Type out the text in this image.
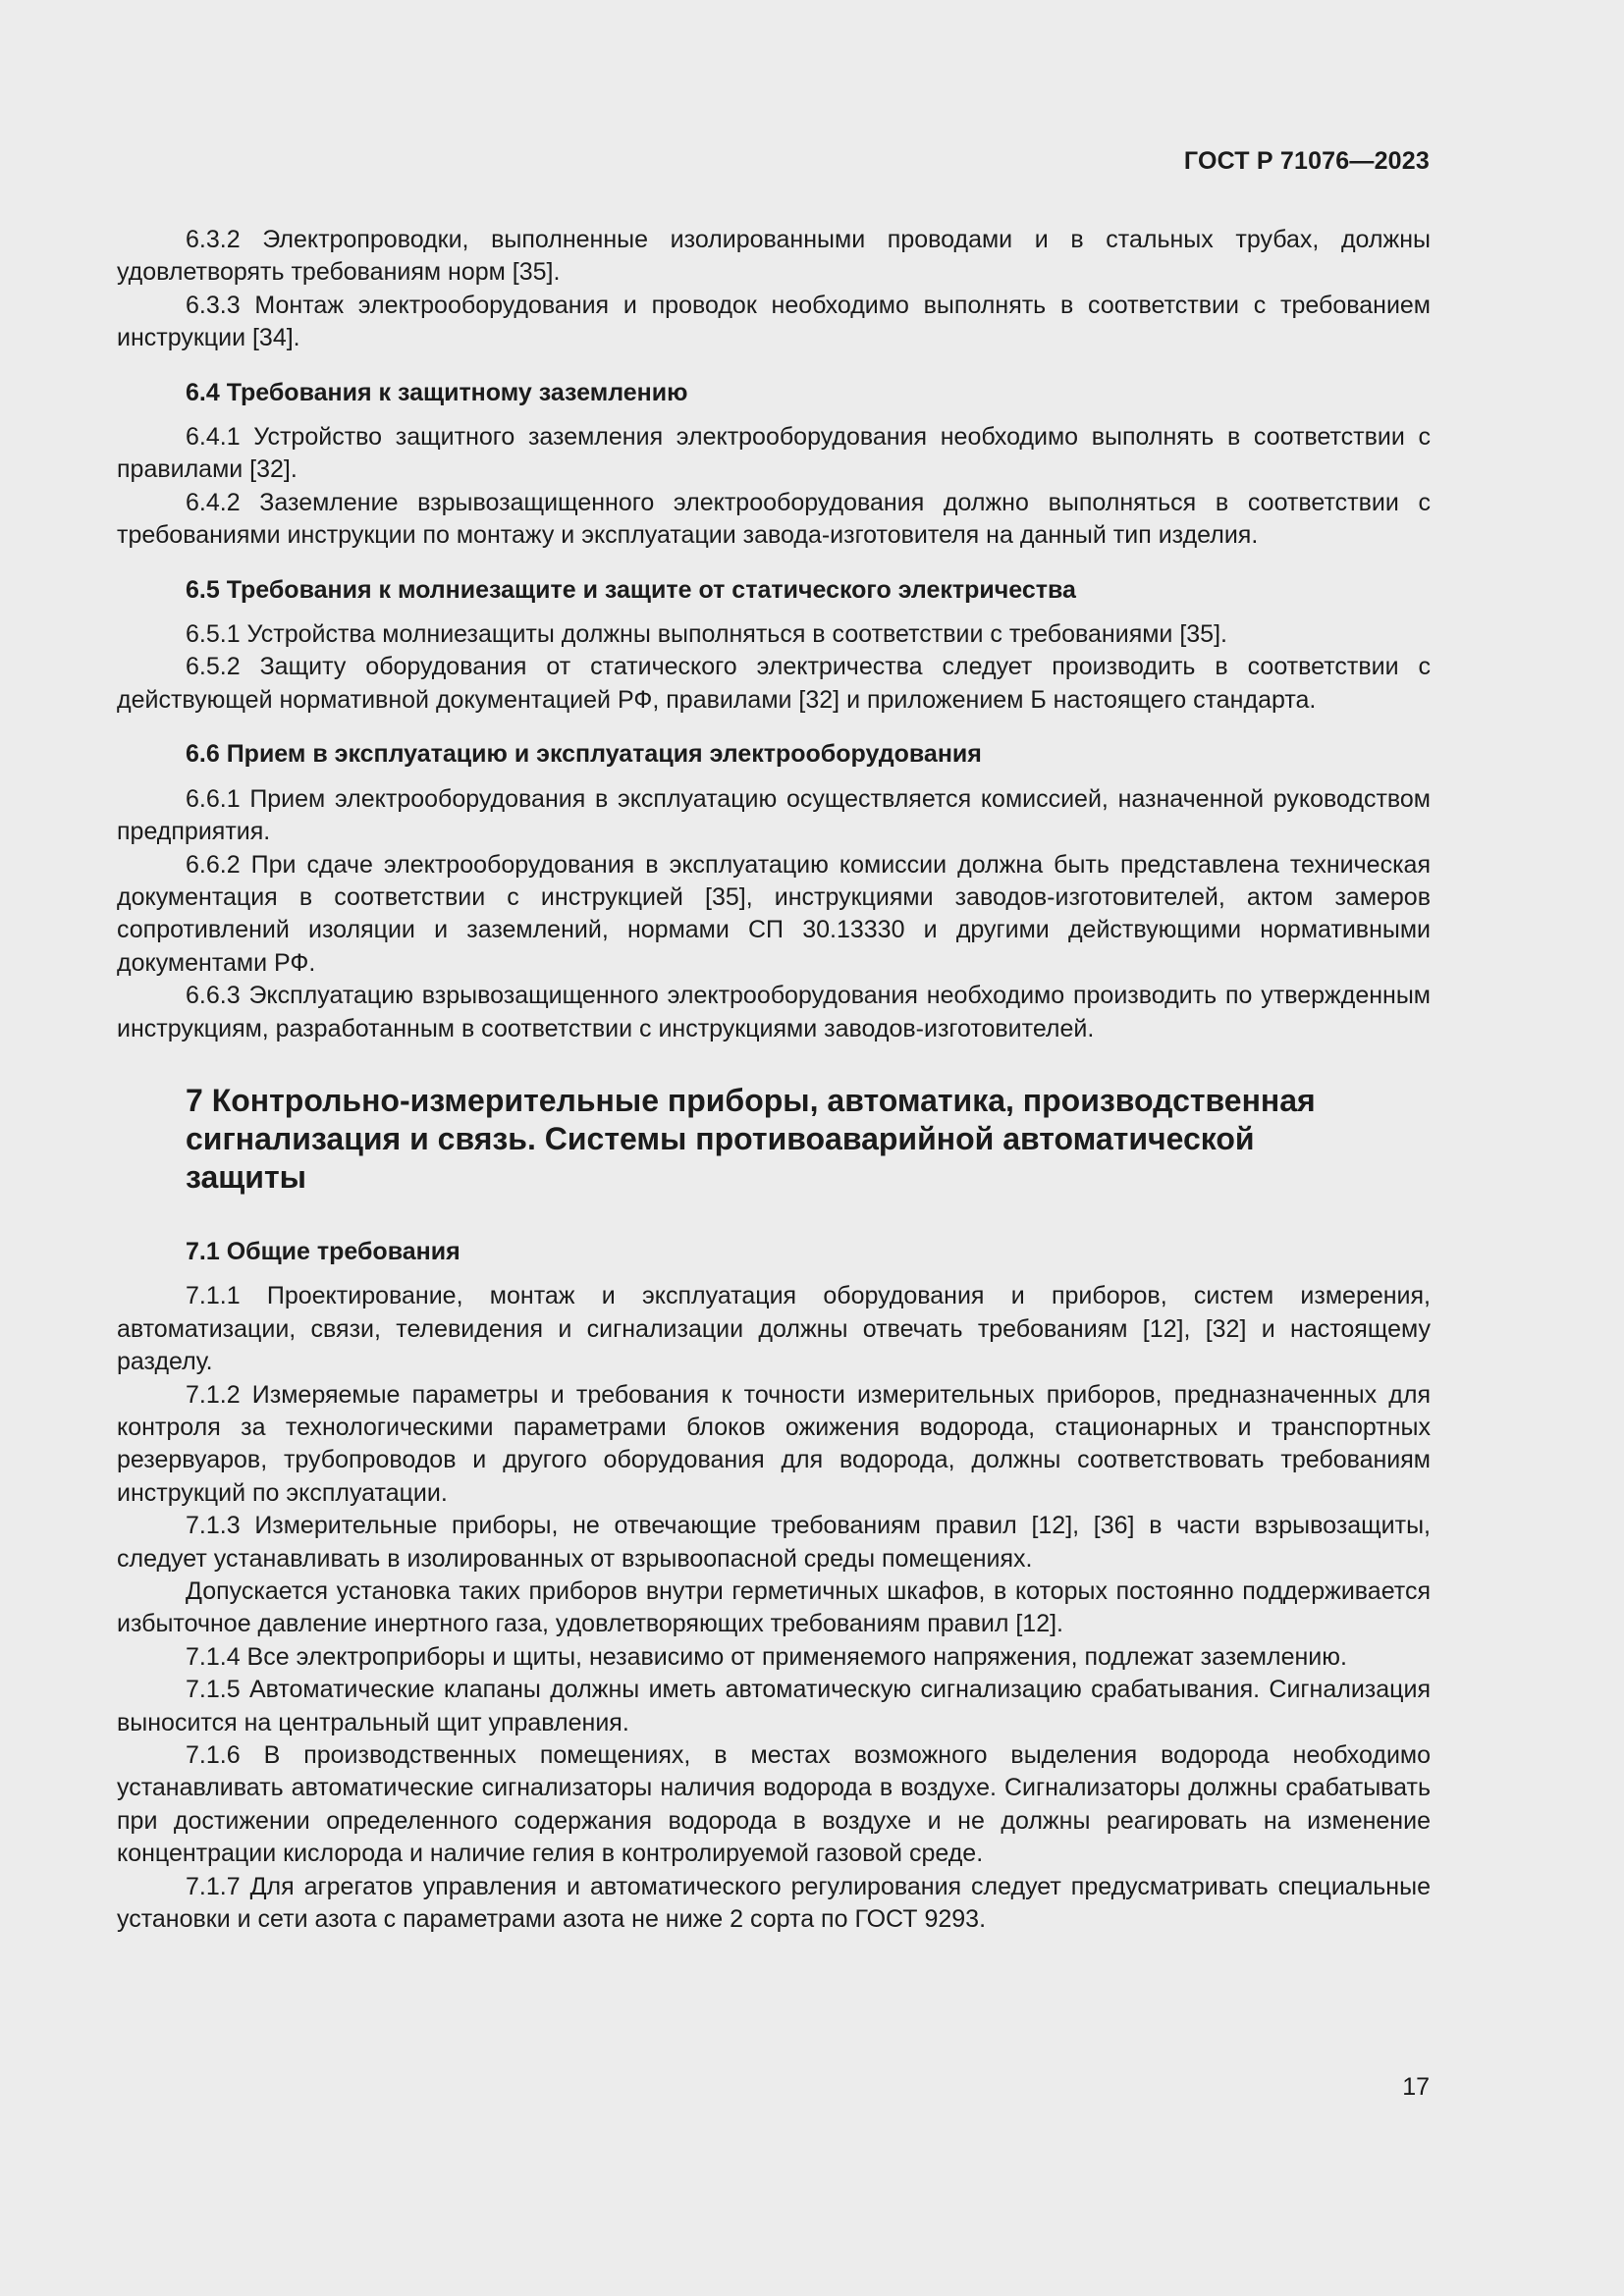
ГОСТ Р 71076—2023

6.3.2 Электропроводки, выполненные изолированными проводами и в стальных трубах, должны удовлетворять требованиям норм [35].

6.3.3 Монтаж электрооборудования и проводок необходимо выполнять в соответствии с требованием инструкции [34].

6.4 Требования к защитному заземлению

6.4.1 Устройство защитного заземления электрооборудования необходимо выполнять в соответствии с правилами [32].

6.4.2 Заземление взрывозащищенного электрооборудования должно выполняться в соответствии с требованиями инструкции по монтажу и эксплуатации завода-изготовителя на данный тип изделия.

6.5 Требования к молниезащите и защите от статического электричества

6.5.1 Устройства молниезащиты должны выполняться в соответствии с требованиями [35].

6.5.2 Защиту оборудования от статического электричества следует производить в соответствии с действующей нормативной документацией РФ, правилами [32] и приложением Б настоящего стандарта.

6.6 Прием в эксплуатацию и эксплуатация электрооборудования

6.6.1 Прием электрооборудования в эксплуатацию осуществляется комиссией, назначенной руководством предприятия.

6.6.2 При сдаче электрооборудования в эксплуатацию комиссии должна быть представлена техническая документация в соответствии с инструкцией [35], инструкциями заводов-изготовителей, актом замеров сопротивлений изоляции и заземлений, нормами СП 30.13330 и другими действующими нормативными документами РФ.

6.6.3 Эксплуатацию взрывозащищенного электрооборудования необходимо производить по утвержденным инструкциям, разработанным в соответствии с инструкциями заводов-изготовителей.

7 Контрольно-измерительные приборы, автоматика, производственная сигнализация и связь. Системы противоаварийной автоматической защиты
7.1 Общие требования

7.1.1 Проектирование, монтаж и эксплуатация оборудования и приборов, систем измерения, автоматизации, связи, телевидения и сигнализации должны отвечать требованиям [12], [32] и настоящему разделу.

7.1.2 Измеряемые параметры и требования к точности измерительных приборов, предназначенных для контроля за технологическими параметрами блоков ожижения водорода, стационарных и транспортных резервуаров, трубопроводов и другого оборудования для водорода, должны соответствовать требованиям инструкций по эксплуатации.

7.1.3 Измерительные приборы, не отвечающие требованиям правил [12], [36] в части взрывозащиты, следует устанавливать в изолированных от взрывоопасной среды помещениях.

Допускается установка таких приборов внутри герметичных шкафов, в которых постоянно поддерживается избыточное давление инертного газа, удовлетворяющих требованиям правил [12].

7.1.4 Все электроприборы и щиты, независимо от применяемого напряжения, подлежат заземлению.

7.1.5 Автоматические клапаны должны иметь автоматическую сигнализацию срабатывания. Сигнализация выносится на центральный щит управления.

7.1.6 В производственных помещениях, в местах возможного выделения водорода необходимо устанавливать автоматические сигнализаторы наличия водорода в воздухе. Сигнализаторы должны срабатывать при достижении определенного содержания водорода в воздухе и не должны реагировать на изменение концентрации кислорода и наличие гелия в контролируемой газовой среде.

7.1.7 Для агрегатов управления и автоматического регулирования следует предусматривать специальные установки и сети азота с параметрами азота не ниже 2 сорта по ГОСТ 9293.

17
